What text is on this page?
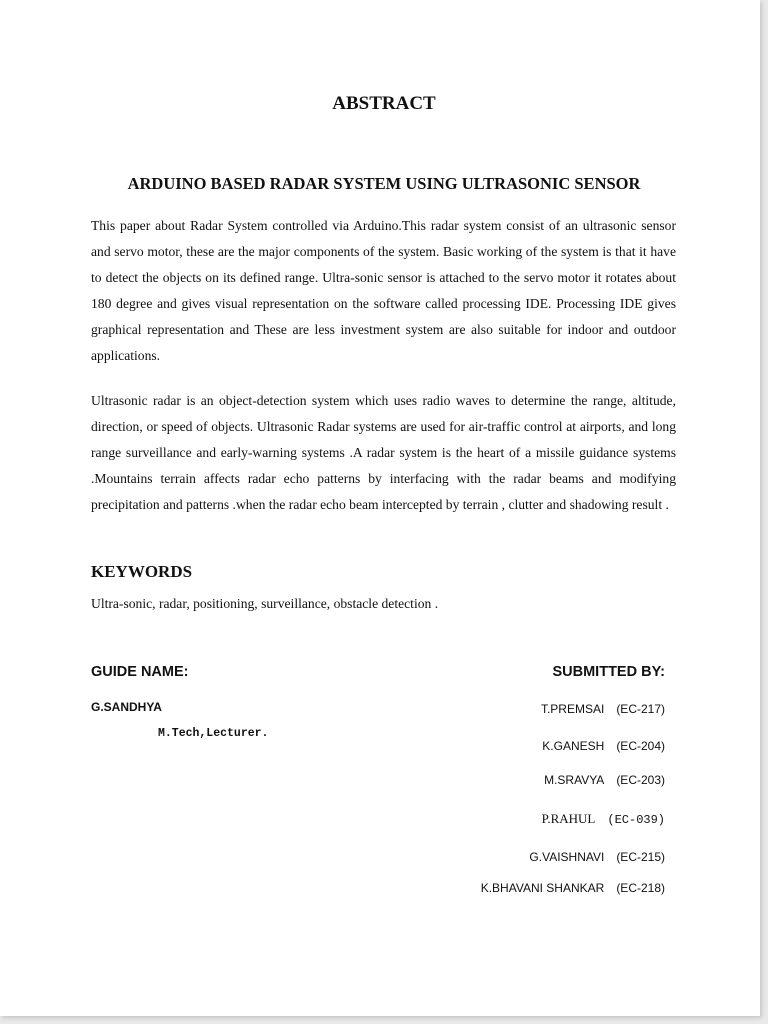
ABSTRACT
ARDUINO BASED RADAR SYSTEM USING ULTRASONIC SENSOR

This paper about Radar System controlled via Arduino.This radar system consist of an ultrasonic sensor and servo motor, these are the major components of the system. Basic working of the system is that it have to detect the objects on its defined range. Ultra-sonic sensor is attached to the servo motor it rotates about 180 degree and gives visual representation on the software called processing IDE. Processing IDE gives graphical representation and These are less investment system are also suitable for indoor and outdoor applications.

Ultrasonic radar is an object-detection system which uses radio waves to determine the range, altitude, direction, or speed of objects. Ultrasonic Radar systems are used for air-traffic control at airports, and long range surveillance and early-warning systems .A radar system is the heart of a missile guidance systems .Mountains terrain affects radar echo patterns by interfacing with the radar beams and modifying precipitation and patterns .when the radar echo beam intercepted by terrain , clutter and shadowing result .

KEYWORDS
Ultra-sonic, radar, positioning, surveillance, obstacle detection .
GUIDE NAME:
G.SANDHYA
M.Tech,Lecturer.
SUBMITTED BY:
T.PREMSAI (EC-217)
K.GANESH (EC-204)
M.SRAVYA (EC-203)
P.RAHUL (EC-039)
G.VAISHNAVI (EC-215)
K.BHAVANI SHANKAR (EC-218)
